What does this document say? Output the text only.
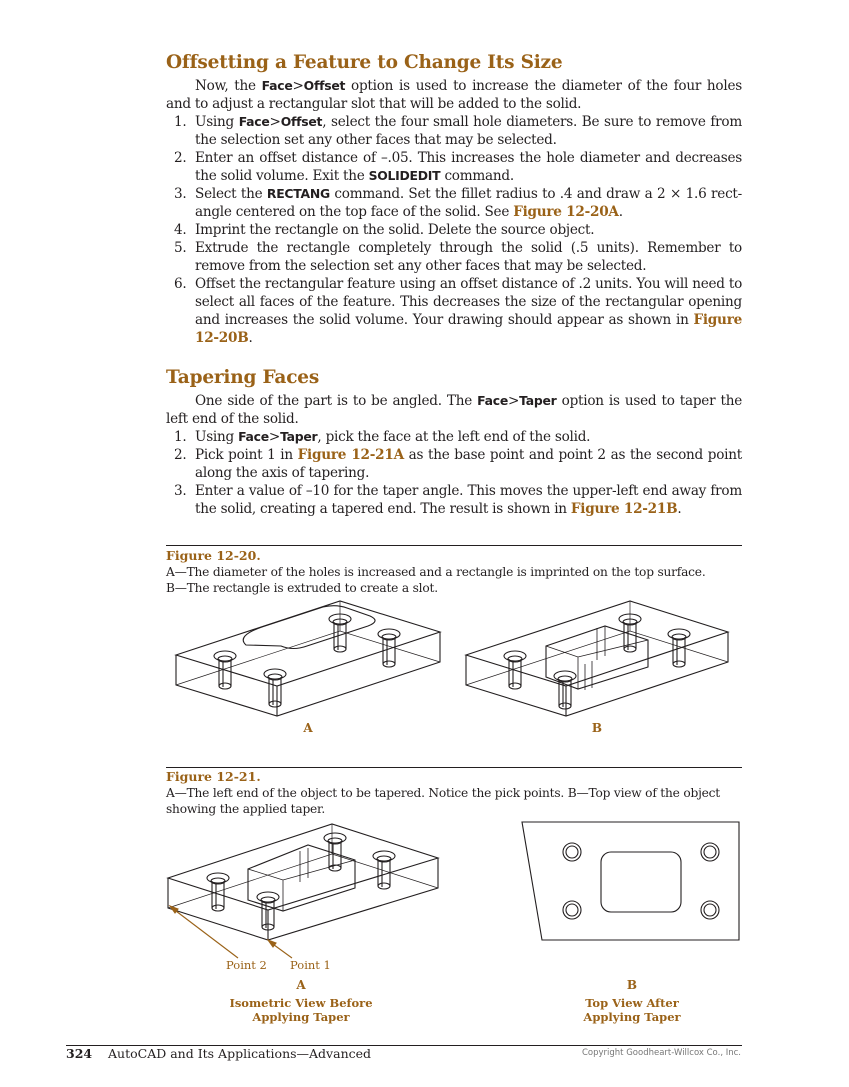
Offsetting a Feature to Change Its Size

Now, the Face>Offset option is used to increase the diameter of the four holes and to adjust a rectangular slot that will be added to the solid.

1. Using Face>Offset, select the four small hole diameters. Be sure to remove from the selection set any other faces that may be selected.
2. Enter an offset distance of –.05. This increases the hole diameter and decreases the solid volume. Exit the SOLIDEDIT command.
3. Select the RECTANG command. Set the fillet radius to .4 and draw a 2 × 1.6 rect-angle centered on the top face of the solid. See Figure 12-20A.
4. Imprint the rectangle on the solid. Delete the source object.
5. Extrude the rectangle completely through the solid (.5 units). Remember to remove from the selection set any other faces that may be selected.
6. Offset the rectangular feature using an offset distance of .2 units. You will need to select all faces of the feature. This decreases the size of the rectangular opening and increases the solid volume. Your drawing should appear as shown in Figure 12-20B.
Tapering Faces

One side of the part is to be angled. The Face>Taper option is used to taper the left end of the solid.

1. Using Face>Taper, pick the face at the left end of the solid.
2. Pick point 1 in Figure 12-21A as the base point and point 2 as the second point along the axis of tapering.
3. Enter a value of –10 for the taper angle. This moves the upper-left end away from the solid, creating a tapered end. The result is shown in Figure 12-21B.
Figure 12-20.
A—The diameter of the holes is increased and a rectangle is imprinted on the top surface.
B—The rectangle is extruded to create a slot.
A	B
Figure 12-21.
A—The left end of the object to be tapered. Notice the pick points. B—Top view of the object showing the applied taper.
Point 2 Point 1
A
Isometric View Before
Applying Taper
B
Top View After
Applying Taper
324 AutoCAD and Its Applications—Advanced	Copyright Goodheart-Willcox Co., Inc.
